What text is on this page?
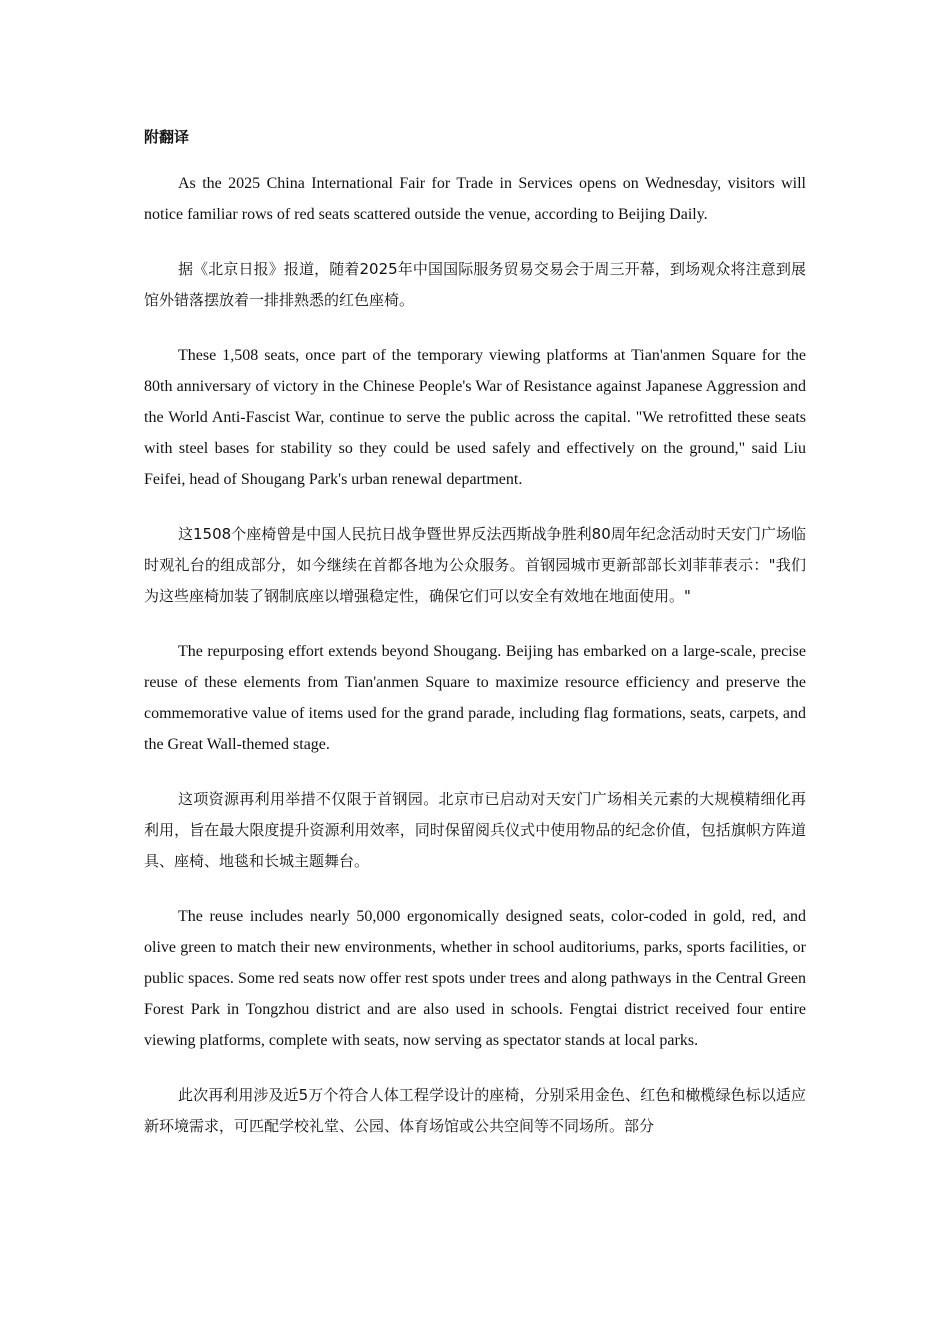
附翻译

As the 2025 China International Fair for Trade in Services opens on Wednesday, visitors will notice familiar rows of red seats scattered outside the venue, according to Beijing Daily.

据《北京日报》报道，随着2025年中国国际服务贸易交易会于周三开幕，到场观众将注意到展馆外错落摆放着一排排熟悉的红色座椅。

These 1,508 seats, once part of the temporary viewing platforms at Tian'anmen Square for the 80th anniversary of victory in the Chinese People's War of Resistance against Japanese Aggression and the World Anti-Fascist War, continue to serve the public across the capital. "We retrofitted these seats with steel bases for stability so they could be used safely and effectively on the ground," said Liu Feifei, head of Shougang Park's urban renewal department.

这1508个座椅曾是中国人民抗日战争暨世界反法西斯战争胜利80周年纪念活动时天安门广场临时观礼台的组成部分，如今继续在首都各地为公众服务。首钢园城市更新部部长刘菲菲表示："我们为这些座椅加装了钢制底座以增强稳定性，确保它们可以安全有效地在地面使用。"

The repurposing effort extends beyond Shougang. Beijing has embarked on a large-scale, precise reuse of these elements from Tian'anmen Square to maximize resource efficiency and preserve the commemorative value of items used for the grand parade, including flag formations, seats, carpets, and the Great Wall-themed stage.

这项资源再利用举措不仅限于首钢园。北京市已启动对天安门广场相关元素的大规模精细化再利用，旨在最大限度提升资源利用效率，同时保留阅兵仪式中使用物品的纪念价值，包括旗帜方阵道具、座椅、地毯和长城主题舞台。

The reuse includes nearly 50,000 ergonomically designed seats, color-coded in gold, red, and olive green to match their new environments, whether in school auditoriums, parks, sports facilities, or public spaces. Some red seats now offer rest spots under trees and along pathways in the Central Green Forest Park in Tongzhou district and are also used in schools. Fengtai district received four entire viewing platforms, complete with seats, now serving as spectator stands at local parks.

此次再利用涉及近5万个符合人体工程学设计的座椅，分别采用金色、红色和橄榄绿色标以适应新环境需求，可匹配学校礼堂、公园、体育场馆或公共空间等不同场所。部分
